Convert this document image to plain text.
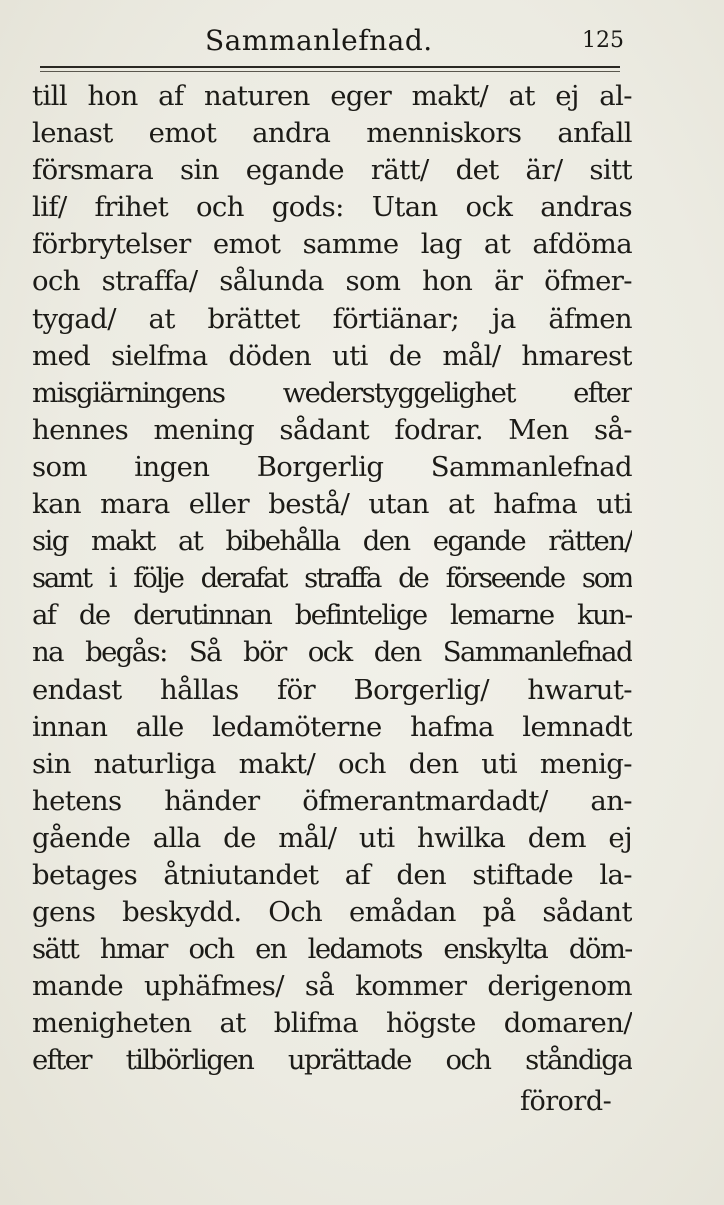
Sammanlefnad.	125
till hon af naturen eger makt/ at ej al-
lenast emot andra menniskors anfall
försmara sin egande rätt/ det är/ sitt
lif/ frihet och gods: Utan ock andras
förbrytelser emot samme lag at afdöma
och straffa/ sålunda som hon är öfmer-
tygad/ at brättet förtiänar; ja äfmen
med sielfma döden uti de mål/ hmarest
misgiärningens wederstyggelighet efter
hennes mening sådant fodrar. Men så-
som ingen Borgerlig Sammanlefnad
kan mara eller bestå/ utan at hafma uti
sig makt at bibehålla den egande rätten/
samt i följe derafat straffa de förseende som
af de derutinnan befintelige lemarne kun-
na begås: Så bör ock den Sammanlefnad
endast hållas för Borgerlig/ hwarut-
innan alle ledamöterne hafma lemnadt
sin naturliga makt/ och den uti menig-
hetens händer öfmerantmardadt/ an-
gående alla de mål/ uti hwilka dem ej
betages åtniutandet af den stiftade la-
gens beskydd. Och emådan på sådant
sätt hmar och en ledamots enskylta döm-
mande uphäfmes/ så kommer derigenom
menigheten at blifma högste domaren/
efter tilbörligen uprättade och ståndiga
förord-
